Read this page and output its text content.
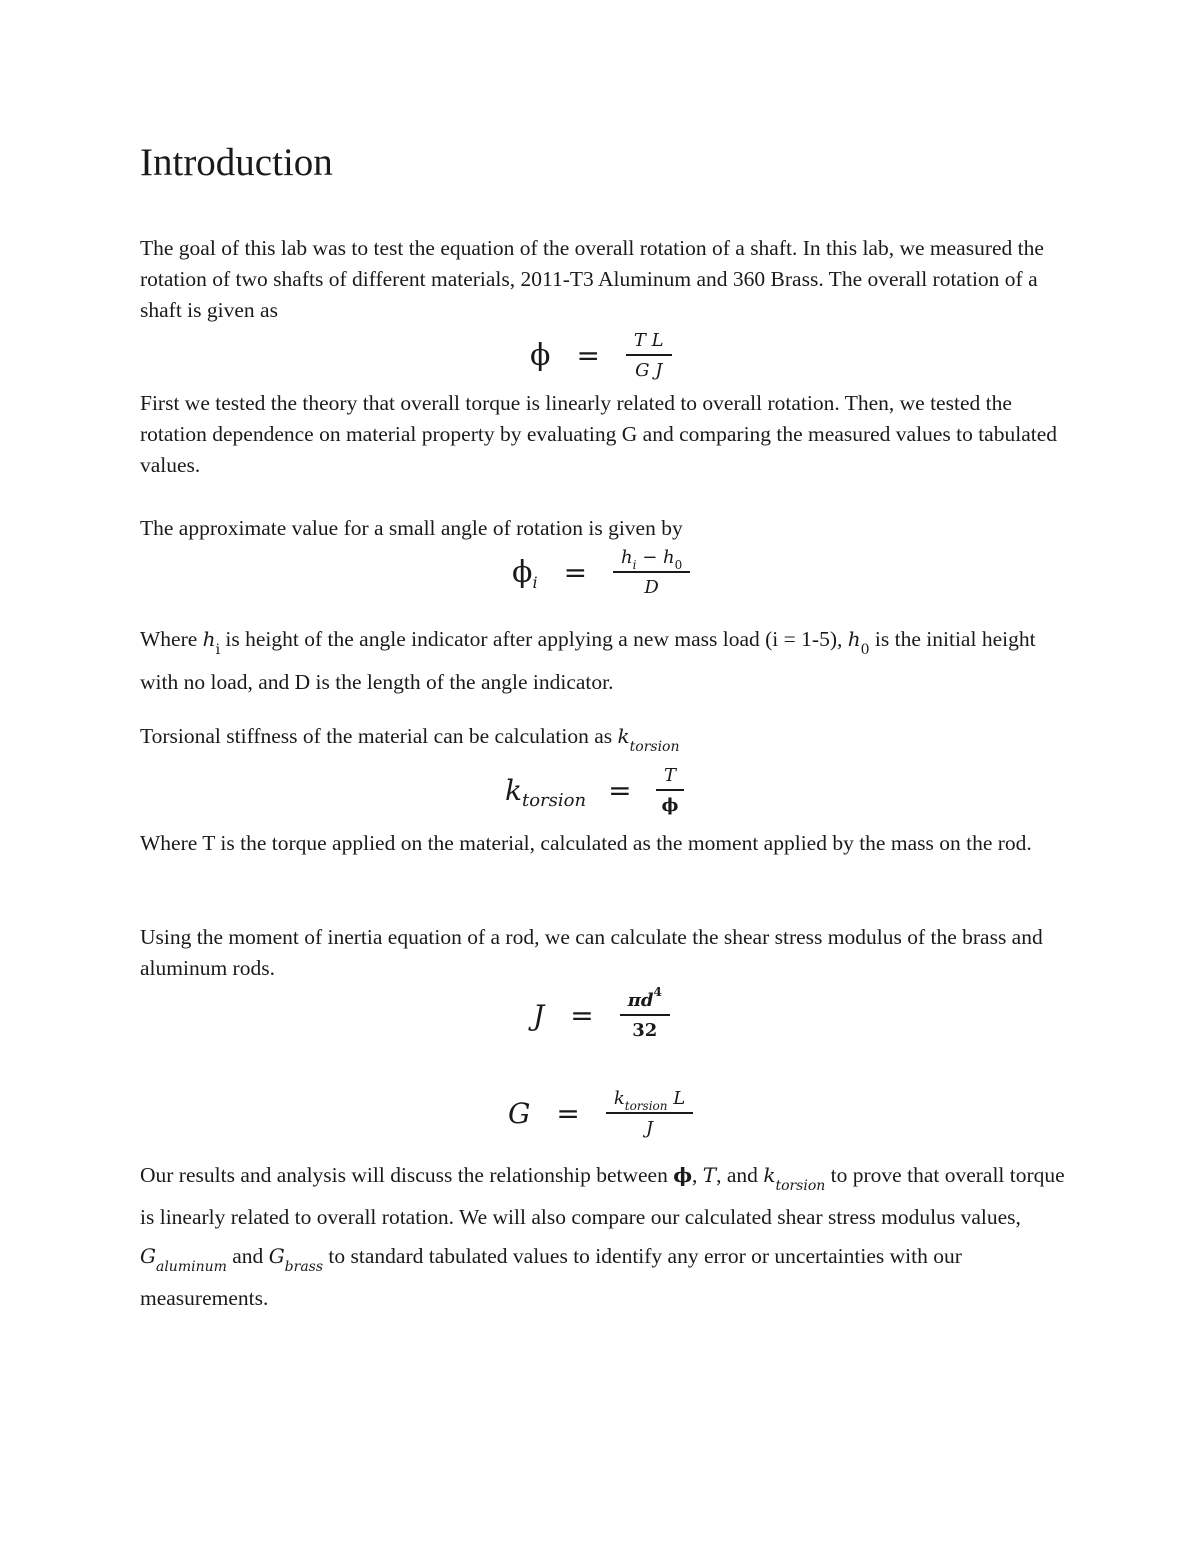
Introduction

The goal of this lab was to test the equation of the overall rotation of a shaft. In this lab, we measured the rotation of two shafts of different materials, 2011-T3 Aluminum and 360 Brass. The overall rotation of a shaft is given as

$\phi = \frac{\text{T L}}{\text{G J}}$

First we tested the theory that overall torque is linearly related to overall rotation. Then, we tested the rotation dependence on material property by evaluating G and comparing the measured values to tabulated values.

The approximate value for a small angle of rotation is given by

ϕ $i = \frac{h_i - h_0}{D}$

Where $h_i$ is height of the angle indicator after applying a new mass load (i = 1-5), $h_0$ is the initial height with no load, and D is the length of the angle indicator.

Torsional stiffness of the material can be calculation as $k_{torsion}$

k torsion = $\frac{T}{\phi}$

Where T is the torque applied on the material, calculated as the moment applied by the mass on the rod.

Using the moment of inertia equation of a rod, we can calculate the shear stress modulus of the brass and aluminum rods.

$J = \frac{\pi d^4}{32}$
$G = \frac{k_{torsion} L}{J}$

Our results and analysis will discuss the relationship between ϕ, T, and $k_{torsion}$ to prove that overall torque is linearly related to overall rotation. We will also compare our calculated shear stress modulus values, $G_{aluminum}$ and $G_{brass}$ to standard tabulated values to identify any error or uncertainties with our measurements.
